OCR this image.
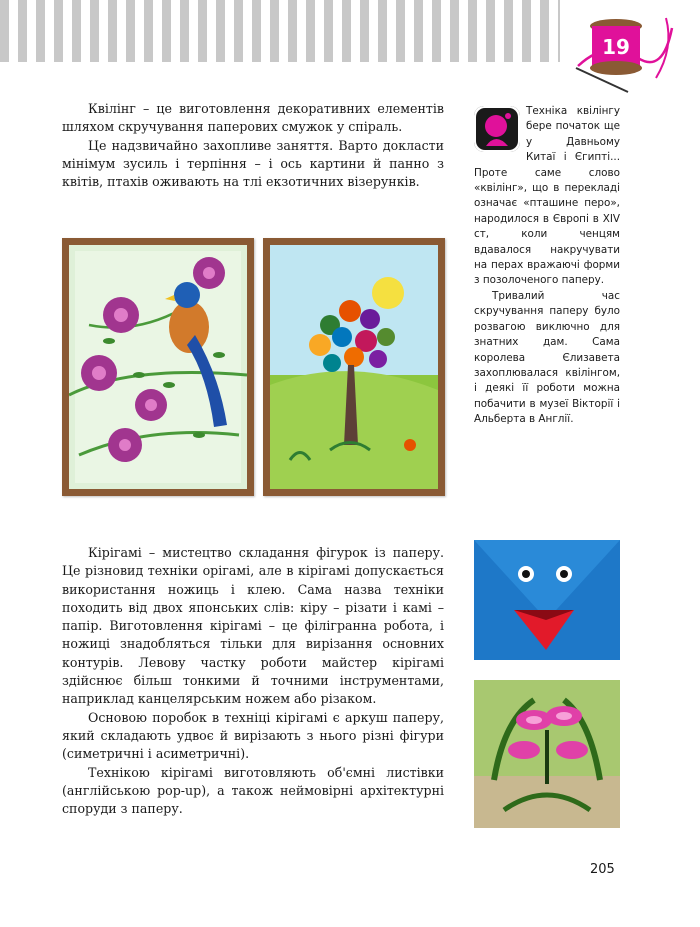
19

Квілінг – це виготовлення декоративних елементів шляхом скручування паперових смужок у спіраль.

Це надзвичайно захопливе заняття. Варто докласти мінімум зусиль і терпіння – і ось картини й панно з квітів, птахів оживають на тлі екзотичних візерунків.

Техніка квілінгу бере початок ще у Давньому Китаї і Єгипті... Проте саме слово «квілінг», що в перекладі означає «пташине перо», народилося в Європі в XIV ст, коли ченцям вдавалося накручувати на перах вражаючі форми з позолоченого паперу.

Тривалий час скручування паперу було розвагою виключно для знатних дам. Сама королева Єлизавета захоплювалася квілінгом, і деякі її роботи можна побачити в музеї Вікторії і Альберта в Англії.

Кірігамі – мистецтво складання фігурок із паперу. Це різновид техніки орігамі, але в кірігамі допускається використання ножиць і клею. Сама назва техніки походить від двох японських слів: кіру – різати і камі – папір. Виготовлення кірігамі – це філігранна робота, і ножиці знадобляться тільки для вирізання основних контурів. Левову частку роботи майстер кірігамі здійснює більш тонкими й точними інструментами, наприклад канцелярським ножем або різаком.

Основою поробок в техніці кірігамі є аркуш паперу, який складають удвоє й вирізають з нього різні фігури (симетричні і асиметричні).

Технікою кірігамі виготовляють об'ємні листівки (англійською pop-up), а також неймовірні архітектурні споруди з паперу.

205
